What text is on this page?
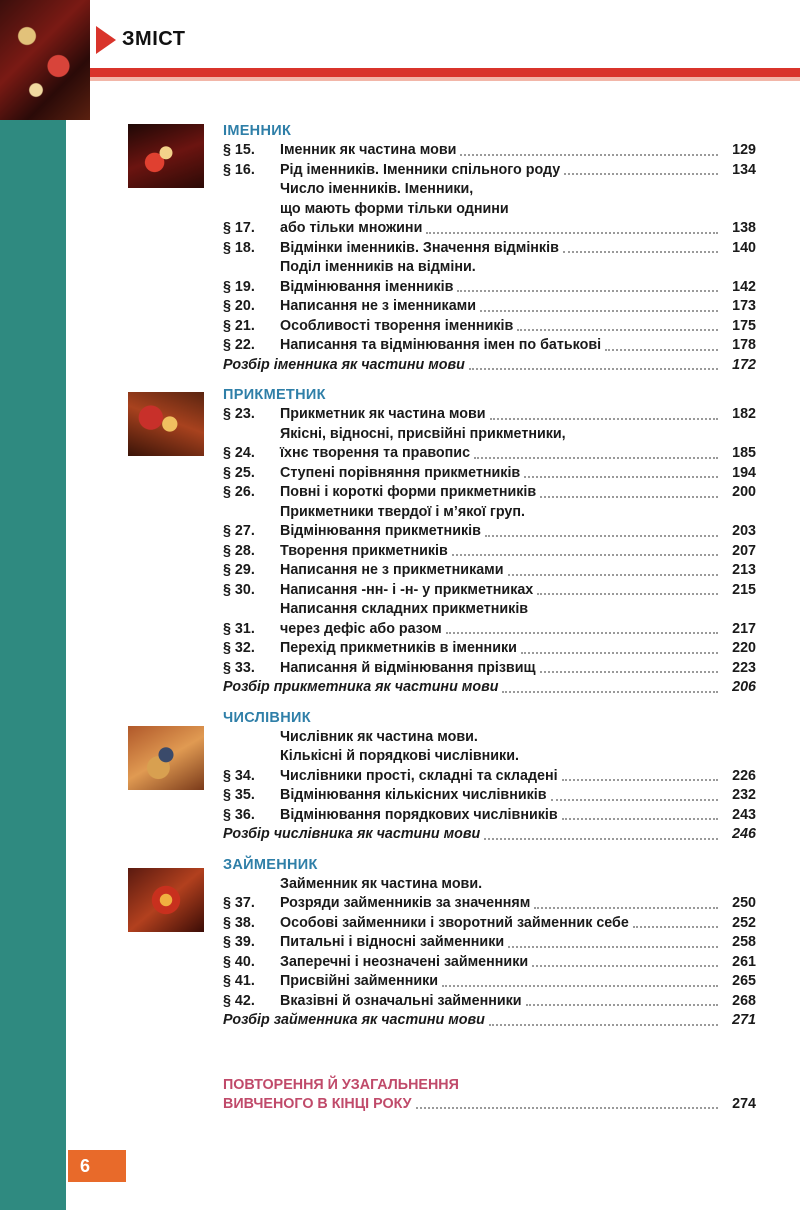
ЗМІСТ
ІМЕННИК
§ 15.	Іменник як частина мови	129
§ 16.	Рід іменників. Іменники спільного роду	134
§ 17.
Число іменників. Іменники,
що мають форми тільки однини
або тільки множини	138
§ 18.	Відмінки іменників. Значення відмінків	140
§ 19.
Поділ іменників на відміни.
Відмінювання іменників	142
§ 20.	Написання не з іменниками	173
§ 21.	Особливості творення іменників	175
§ 22.	Написання та відмінювання імен по батькові	178
Розбір іменника як частини мови	172
ПРИКМЕТНИК
§ 23.	Прикметник як частина мови	182
§ 24.
Якісні, відносні, присвійні прикметники,
їхнє творення та правопис	185
§ 25.	Ступені порівняння прикметників	194
§ 26.	Повні і короткі форми прикметників	200
§ 27.
Прикметники твердої і м’якої груп.
Відмінювання прикметників	203
§ 28.	Творення прикметників	207
§ 29.	Написання не з прикметниками	213
§ 30.	Написання -нн- і -н- у прикметниках	215
§ 31.
Написання складних прикметників
через дефіс або разом	217
§ 32.	Перехід прикметників в іменники	220
§ 33.	Написання й відмінювання прізвищ	223
Розбір прикметника як частини мови	206
ЧИСЛІВНИК
§ 34.
Числівник як частина мови.
Кількісні й порядкові числівники.
Числівники прості, складні та складені	226
§ 35.	Відмінювання кількісних числівників	232
§ 36.	Відмінювання порядкових числівників	243
Розбір числівника як частини мови	246
ЗАЙМЕННИК
§ 37.
Займенник як частина мови.
Розряди займенників за значенням	250
§ 38.	Особові займенники і зворотний займенник себе	252
§ 39.	Питальні і відносні займенники	258
§ 40.	Заперечні і неозначені займенники	261
§ 41.	Присвійні займенники	265
§ 42.	Вказівні й означальні займенники	268
Розбір займенника як частини мови	271
ПОВТОРЕННЯ Й УЗАГАЛЬНЕННЯ
ВИВЧЕНОГО В КІНЦІ РОКУ	274
6
